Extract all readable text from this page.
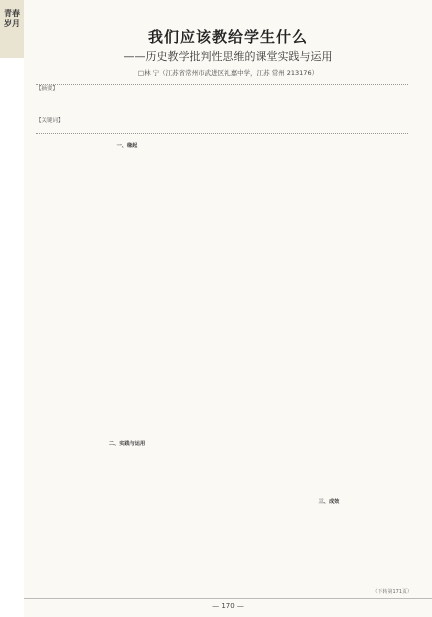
青春岁月
我们应该教给学生什么
——历史教学批判性思维的课堂实践与运用
□林 宁（江苏省常州市武进区礼嘉中学，江苏 常州 213176）
【摘要】
【关键词】
一、缘起
三、成效
二、实践与运用
（下转第171页）
— 170 —
